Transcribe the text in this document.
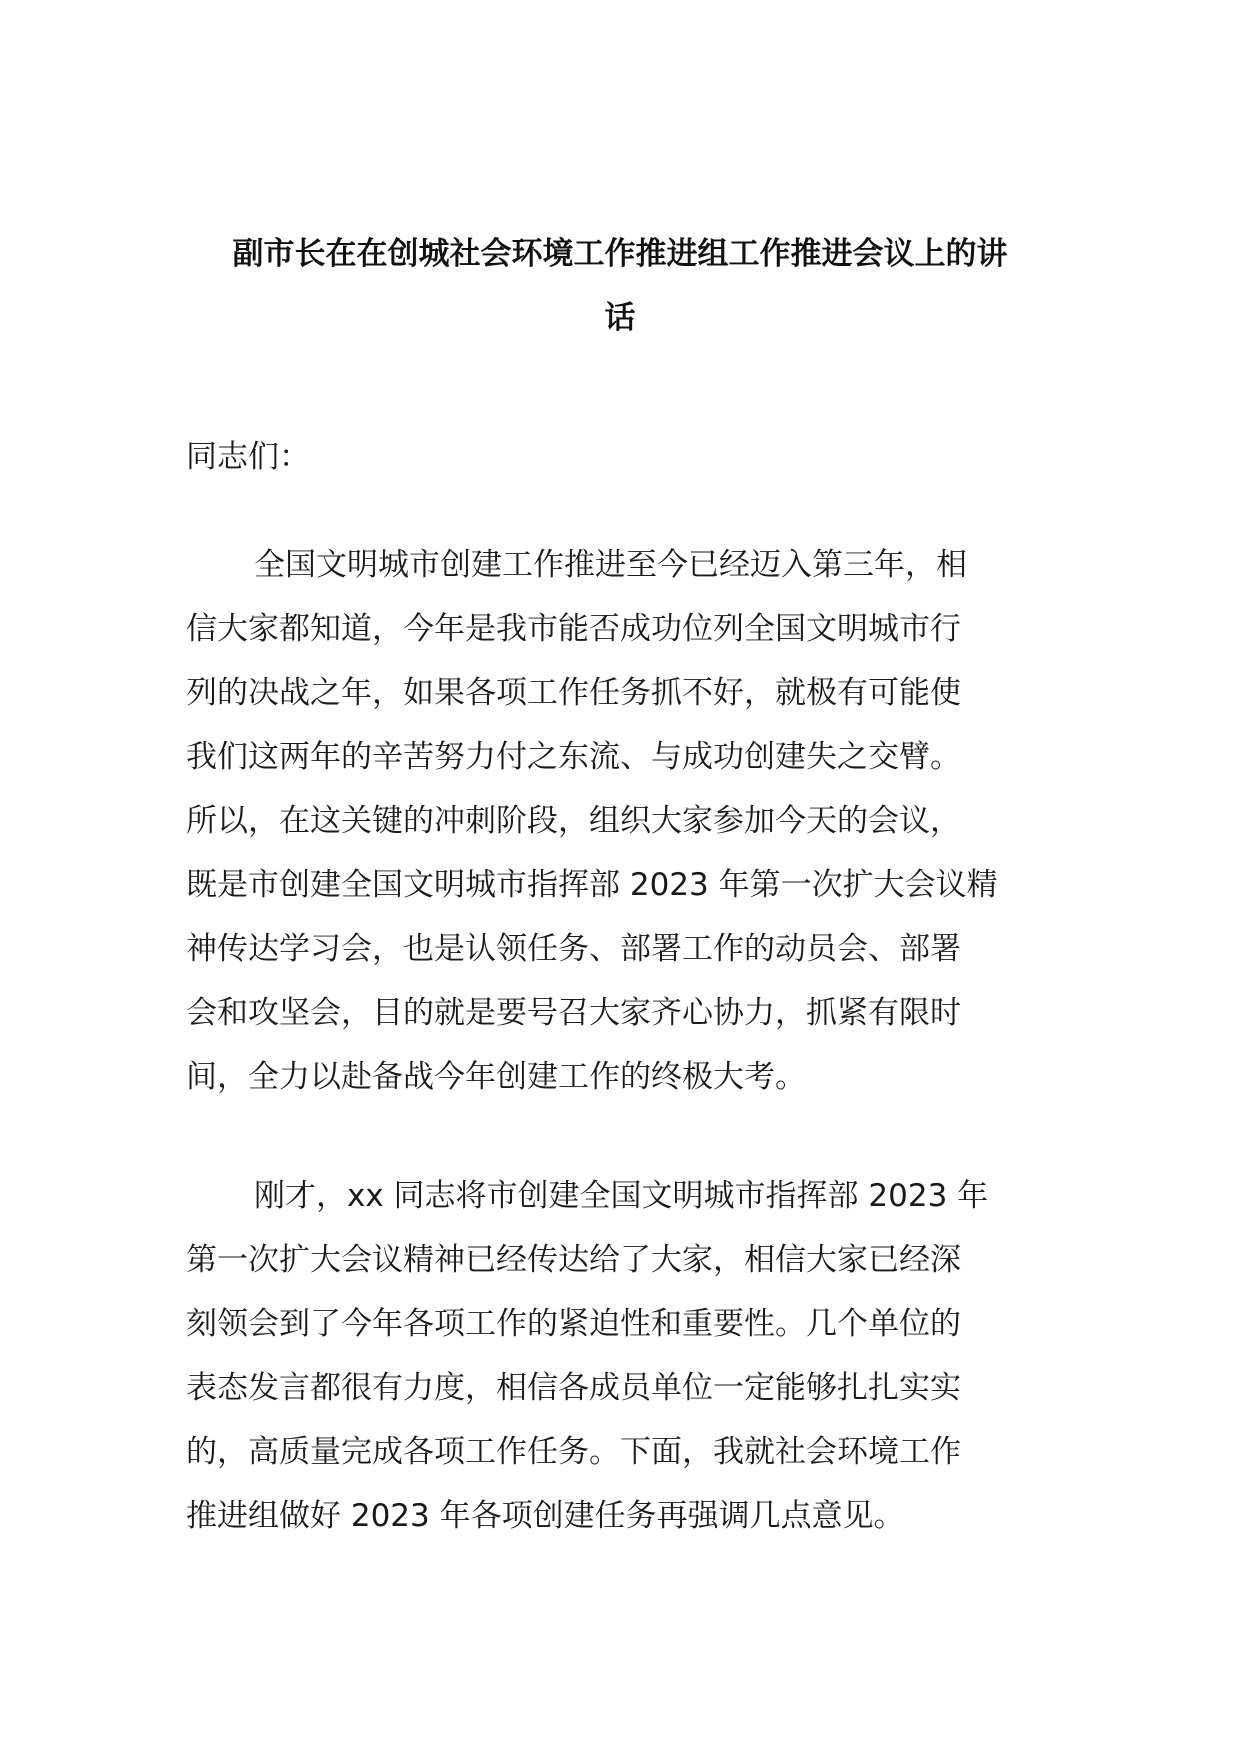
副市长在在创城社会环境工作推进组工作推进会议上的讲
话

同志们：

全国文明城市创建工作推进至今已经迈入第三年，相
信大家都知道，今年是我市能否成功位列全国文明城市行
列的决战之年，如果各项工作任务抓不好，就极有可能使
我们这两年的辛苦努力付之东流、与成功创建失之交臂。
所以，在这关键的冲刺阶段，组织大家参加今天的会议，
既是市创建全国文明城市指挥部 2023 年第一次扩大会议精
神传达学习会，也是认领任务、部署工作的动员会、部署
会和攻坚会，目的就是要号召大家齐心协力，抓紧有限时
间，全力以赴备战今年创建工作的终极大考。

刚才，xx 同志将市创建全国文明城市指挥部 2023 年
第一次扩大会议精神已经传达给了大家，相信大家已经深
刻领会到了今年各项工作的紧迫性和重要性。几个单位的
表态发言都很有力度，相信各成员单位一定能够扎扎实实
的，高质量完成各项工作任务。下面，我就社会环境工作
推进组做好 2023 年各项创建任务再强调几点意见。
